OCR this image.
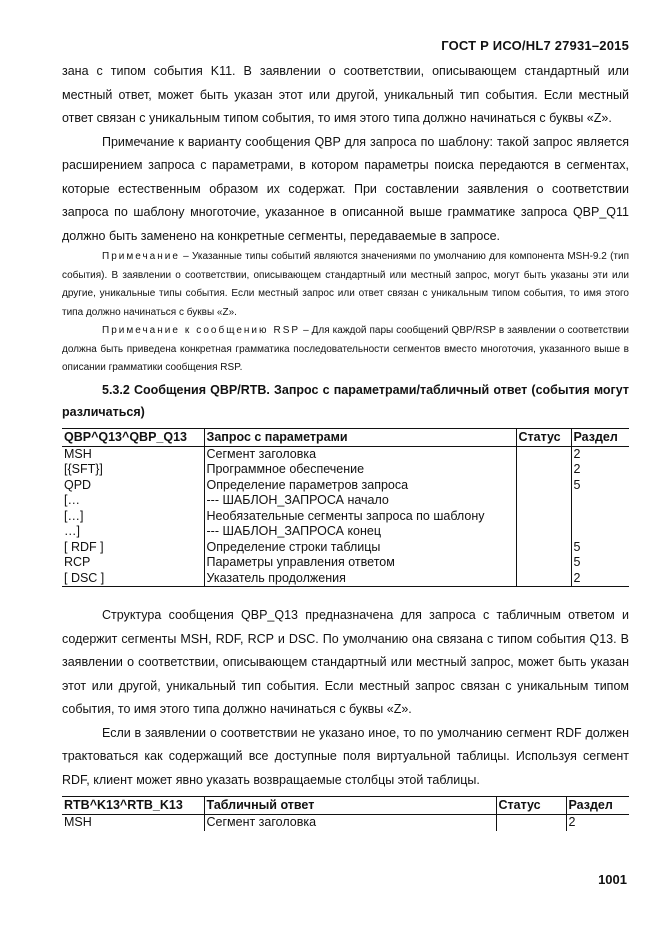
ГОСТ Р ИСО/HL7 27931–2015

зана с типом события K11. В заявлении о соответствии, описывающем стандартный или местный ответ, может быть указан этот или другой, уникальный тип события. Если местный ответ связан с уникальным типом события, то имя этого типа должно начинаться с буквы «Z».

Примечание к варианту сообщения QBP для запроса по шаблону: такой запрос является расширением запроса с параметрами, в котором параметры поиска передаются в сегментах, которые естественным образом их содержат. При составлении заявления о соответствии запроса по шаблону многоточие, указанное в описанной выше грамматике запроса QBP_Q11 должно быть заменено на конкретные сегменты, передаваемые в запросе.

Примечание – Указанные типы событий являются значениями по умолчанию для компонента MSH-9.2 (тип события). В заявлении о соответствии, описывающем стандартный или местный запрос, могут быть указаны эти или другие, уникальные типы события. Если местный запрос или ответ связан с уникальным типом события, то имя этого типа должно начинаться с буквы «Z».

Примечание к сообщению RSP – Для каждой пары сообщений QBP/RSP в заявлении о соответствии должна быть приведена конкретная грамматика последовательности сегментов вместо многоточия, указанного выше в описании грамматики сообщения RSP.

5.3.2 Сообщения QBP/RTB. Запрос с параметрами/табличный ответ (события могут различаться)
QBP^Q13^QBP_Q13	Запрос с параметрами	Статус	Раздел
MSH	Сегмент заголовка		2
[{SFT}]	Программное обеспечение		2
QPD	Определение параметров запроса		5
[…	--- ШАБЛОН_ЗАПРОСА начало		
[…]	Необязательные сегменты запроса по шаблону		
…]	--- ШАБЛОН_ЗАПРОСА конец		
[ RDF ]	Определение строки таблицы		5
RCP	Параметры управления ответом		5
[ DSC ]	Указатель продолжения		2

Структура сообщения QBP_Q13 предназначена для запроса с табличным ответом и содержит сегменты MSH, RDF, RCP и DSC. По умолчанию она связана с типом события Q13. В заявлении о соответствии, описывающем стандартный или местный запрос, может быть указан этот или другой, уникальный тип события. Если местный запрос связан с уникальным типом события, то имя этого типа должно начинаться с буквы «Z».

Если в заявлении о соответствии не указано иное, то по умолчанию сегмент RDF должен трактоваться как содержащий все доступные поля виртуальной таблицы. Используя сегмент RDF, клиент может явно указать возвращаемые столбцы этой таблицы.

RTB^K13^RTB_K13	Табличный ответ	Статус	Раздел
MSH	Сегмент заголовка		2
1001
